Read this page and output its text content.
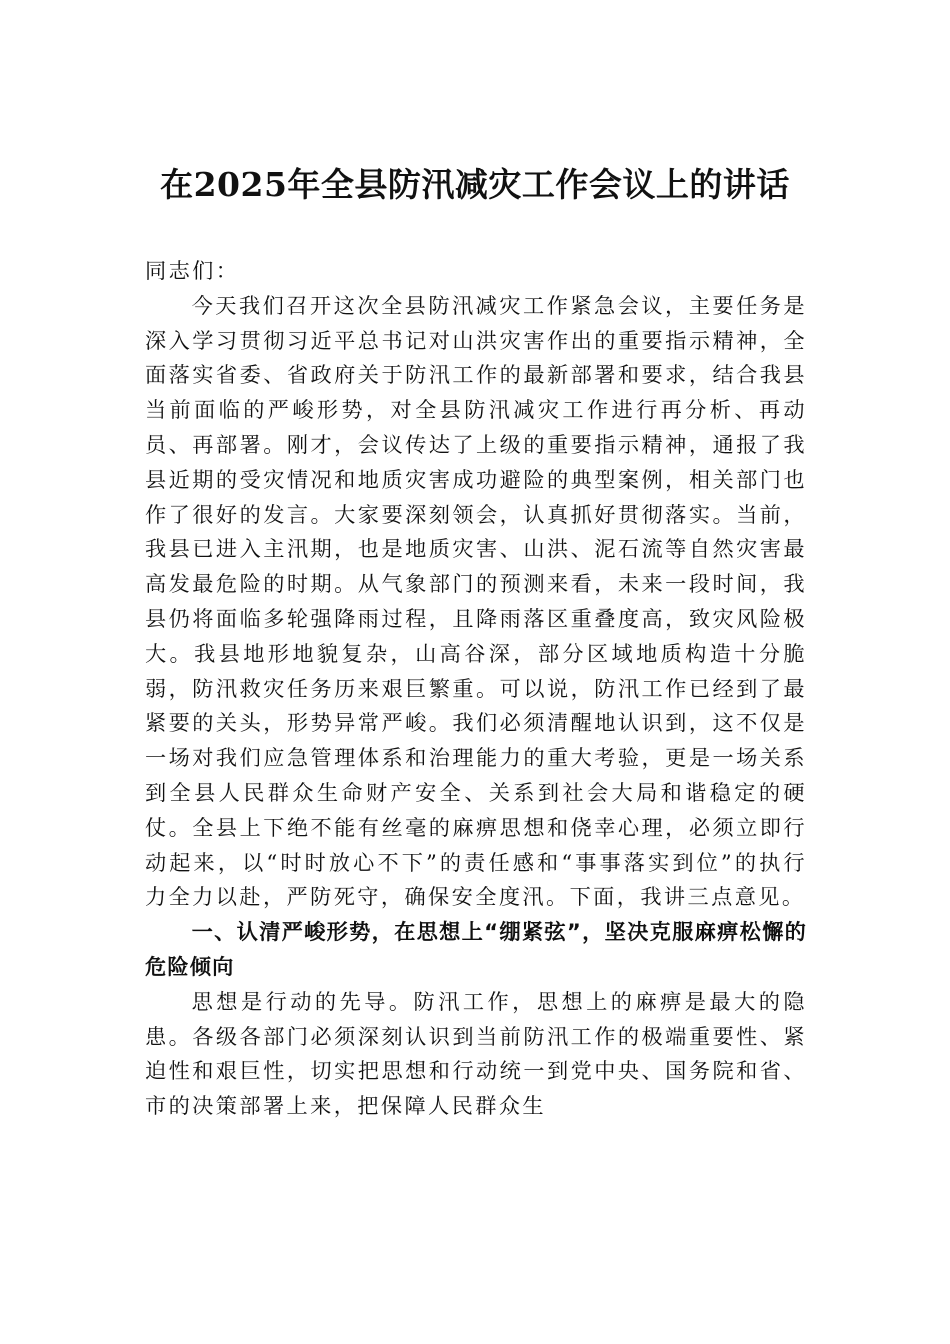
在2025年全县防汛减灾工作会议上的讲话

同志们：

今天我们召开这次全县防汛减灾工作紧急会议，主要任务是深入学习贯彻习近平总书记对山洪灾害作出的重要指示精神，全面落实省委、省政府关于防汛工作的最新部署和要求，结合我县当前面临的严峻形势，对全县防汛减灾工作进行再分析、再动员、再部署。刚才，会议传达了上级的重要指示精神，通报了我县近期的受灾情况和地质灾害成功避险的典型案例，相关部门也作了很好的发言。大家要深刻领会，认真抓好贯彻落实。当前，我县已进入主汛期，也是地质灾害、山洪、泥石流等自然灾害最高发最危险的时期。从气象部门的预测来看，未来一段时间，我县仍将面临多轮强降雨过程，且降雨落区重叠度高，致灾风险极大。我县地形地貌复杂，山高谷深，部分区域地质构造十分脆弱，防汛救灾任务历来艰巨繁重。可以说，防汛工作已经到了最紧要的关头，形势异常严峻。我们必须清醒地认识到，这不仅是一场对我们应急管理体系和治理能力的重大考验，更是一场关系到全县人民群众生命财产安全、关系到社会大局和谐稳定的硬仗。全县上下绝不能有丝毫的麻痹思想和侥幸心理，必须立即行动起来，以“时时放心不下”的责任感和“事事落实到位”的执行力全力以赴，严防死守，确保安全度汛。下面，我讲三点意见。

一、认清严峻形势，在思想上“绷紧弦”，坚决克服麻痹松懈的危险倾向

思想是行动的先导。防汛工作，思想上的麻痹是最大的隐患。各级各部门必须深刻认识到当前防汛工作的极端重要性、紧迫性和艰巨性，切实把思想和行动统一到党中央、国务院和省、市的决策部署上来，把保障人民群众生
